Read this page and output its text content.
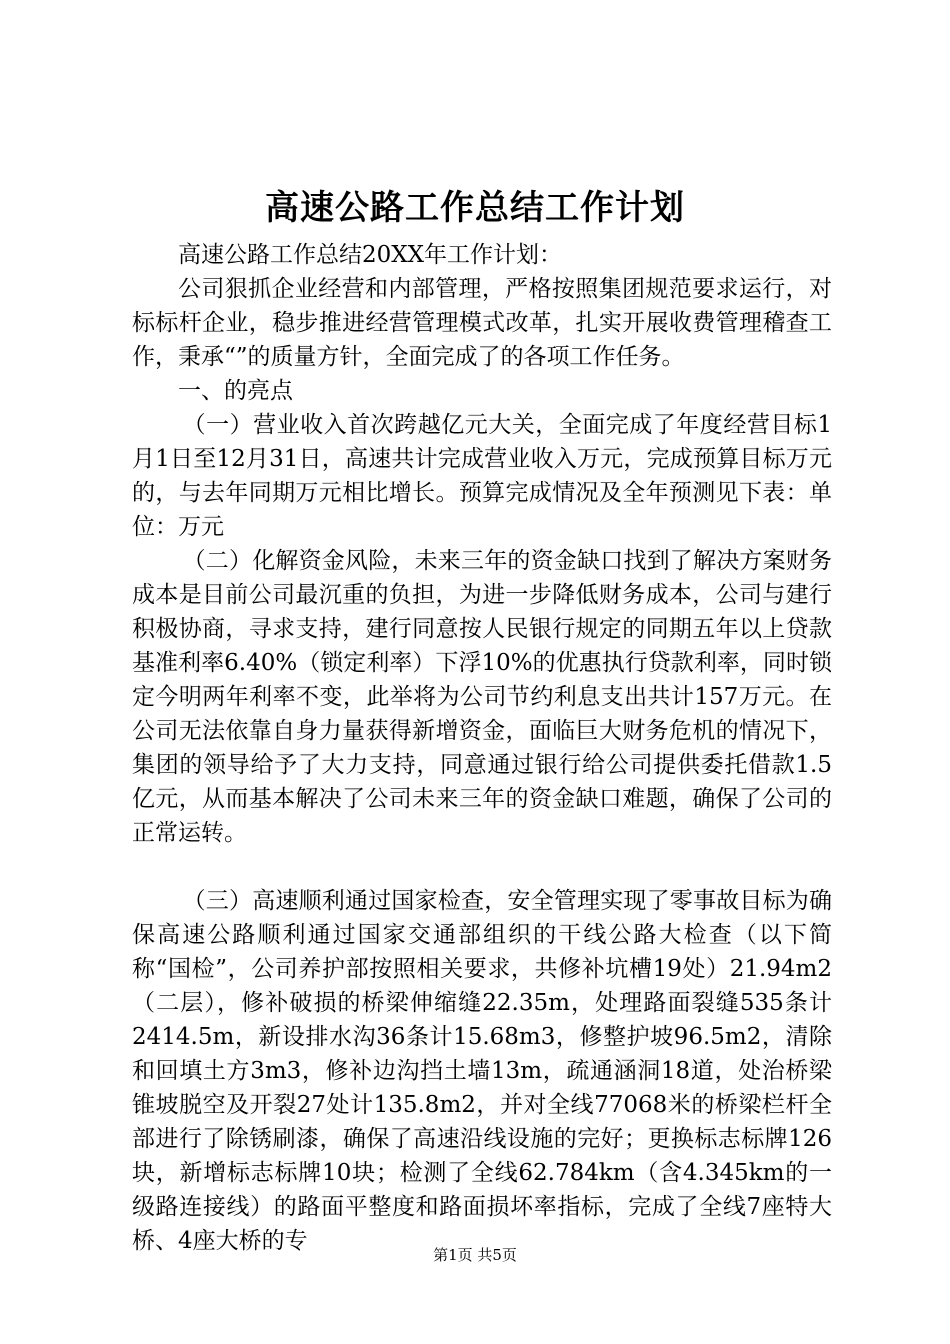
高速公路工作总结工作计划

高速公路工作总结20XX年工作计划：

公司狠抓企业经营和内部管理，严格按照集团规范要求运行，对标标杆企业，稳步推进经营管理模式改革，扎实开展收费管理稽查工作，秉承“”的质量方针，全面完成了的各项工作任务。

一、的亮点

（一）营业收入首次跨越亿元大关，全面完成了年度经营目标1月1日至12月31日，高速共计完成营业收入万元，完成预算目标万元的，与去年同期万元相比增长。预算完成情况及全年预测见下表：单位：万元

（二）化解资金风险，未来三年的资金缺口找到了解决方案财务成本是目前公司最沉重的负担，为进一步降低财务成本，公司与建行积极协商，寻求支持，建行同意按人民银行规定的同期五年以上贷款基准利率6.40%（锁定利率）下浮10%的优惠执行贷款利率，同时锁定今明两年利率不变，此举将为公司节约利息支出共计157万元。在公司无法依靠自身力量获得新增资金，面临巨大财务危机的情况下，集团的领导给予了大力支持，同意通过银行给公司提供委托借款1.5亿元，从而基本解决了公司未来三年的资金缺口难题，确保了公司的正常运转。

（三）高速顺利通过国家检查，安全管理实现了零事故目标为确保高速公路顺利通过国家交通部组织的干线公路大检查（以下简称“国检”，公司养护部按照相关要求，共修补坑槽19处）21.94m2（二层），修补破损的桥梁伸缩缝22.35m，处理路面裂缝535条计2414.5m，新设排水沟36条计15.68m3，修整护坡96.5m2，清除和回填土方3m3，修补边沟挡土墙13m，疏通涵洞18道，处治桥梁锥坡脱空及开裂27处计135.8m2，并对全线77068米的桥梁栏杆全部进行了除锈刷漆，确保了高速沿线设施的完好；更换标志标牌126块，新增标志标牌10块；检测了全线62.784km（含4.345km的一级路连接线）的路面平整度和路面损坏率指标，完成了全线7座特大桥、4座大桥的专

第1页 共5页
